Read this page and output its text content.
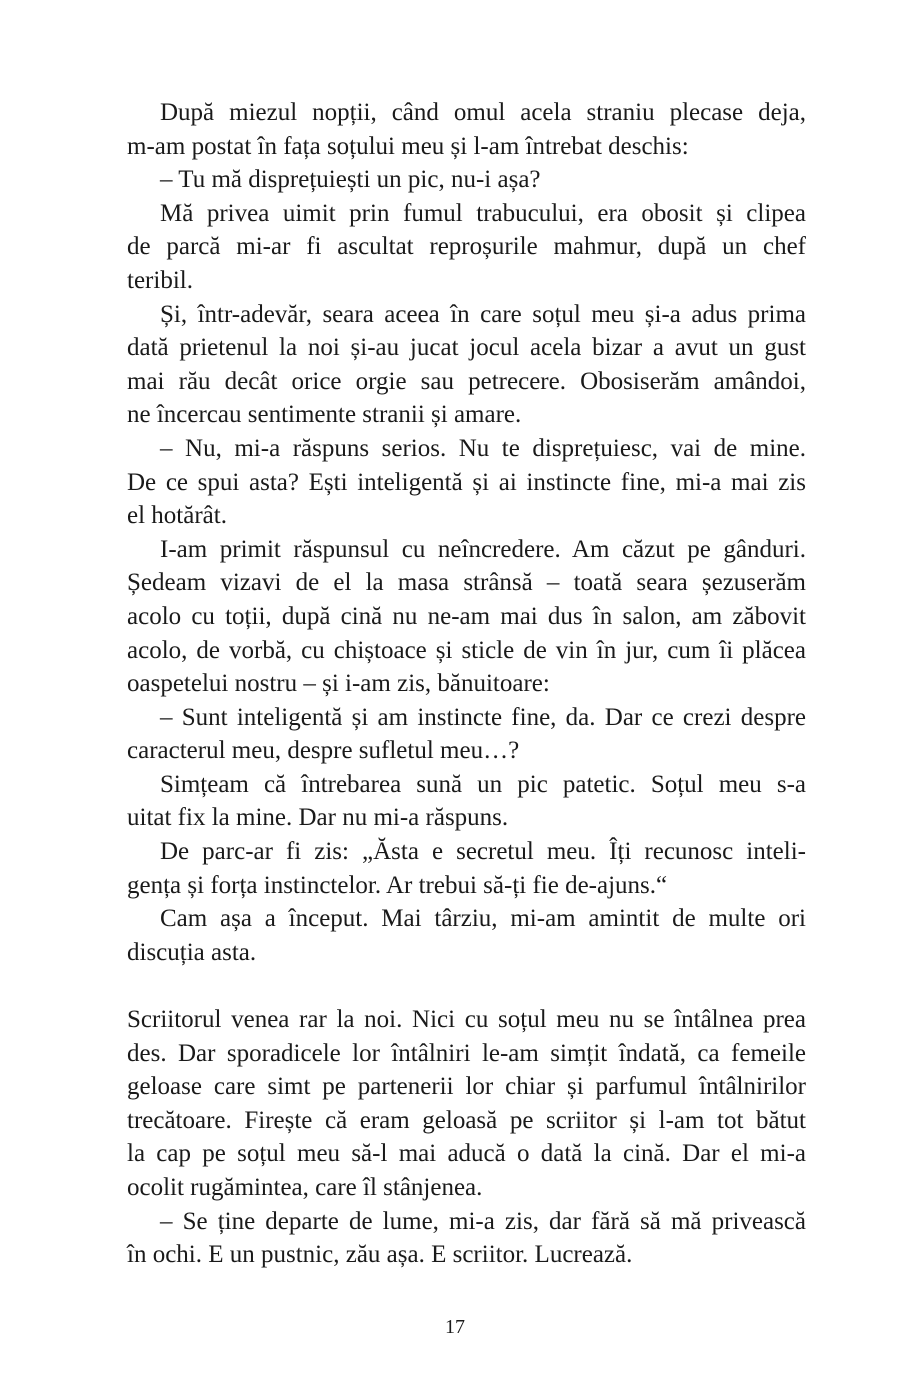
După miezul nopții, când omul acela straniu plecase deja,
m-am postat în fața soțului meu și l-am întrebat deschis:
– Tu mă disprețuiești un pic, nu-i așa?
Mă privea uimit prin fumul trabucului, era obosit și clipea
de parcă mi-ar fi ascultat reproșurile mahmur, după un chef
teribil.
Și, într-adevăr, seara aceea în care soțul meu și-a adus prima
dată prietenul la noi și-au jucat jocul acela bizar a avut un gust
mai rău decât orice orgie sau petrecere. Obosiserăm amândoi,
ne încercau sentimente stranii și amare.
– Nu, mi-a răspuns serios. Nu te disprețuiesc, vai de mine.
De ce spui asta? Ești inteligentă și ai instincte fine, mi-a mai zis
el hotărât.
I-am primit răspunsul cu neîncredere. Am căzut pe gânduri.
Ședeam vizavi de el la masa strânsă – toată seara șezuserăm
acolo cu toții, după cină nu ne-am mai dus în salon, am zăbovit
acolo, de vorbă, cu chiștoace și sticle de vin în jur, cum îi plăcea
oaspetelui nostru – și i-am zis, bănuitoare:
– Sunt inteligentă și am instincte fine, da. Dar ce crezi despre
caracterul meu, despre sufletul meu…?
Simțeam că întrebarea sună un pic patetic. Soțul meu s-a
uitat fix la mine. Dar nu mi-a răspuns.
De parc-ar fi zis: „Ăsta e secretul meu. Îți recunosc inteli-
gența și forța instinctelor. Ar trebui să-ți fie de-ajuns.“
Cam așa a început. Mai târziu, mi-am amintit de multe ori
discuția asta.
Scriitorul venea rar la noi. Nici cu soțul meu nu se întâlnea prea
des. Dar sporadicele lor întâlniri le-am simțit îndată, ca femeile
geloase care simt pe partenerii lor chiar și parfumul întâlnirilor
trecătoare. Firește că eram geloasă pe scriitor și l-am tot bătut
la cap pe soțul meu să-l mai aducă o dată la cină. Dar el mi-a
ocolit rugămintea, care îl stânjenea.
– Se ține departe de lume, mi-a zis, dar fără să mă privească
în ochi. E un pustnic, zău așa. E scriitor. Lucrează.
17
